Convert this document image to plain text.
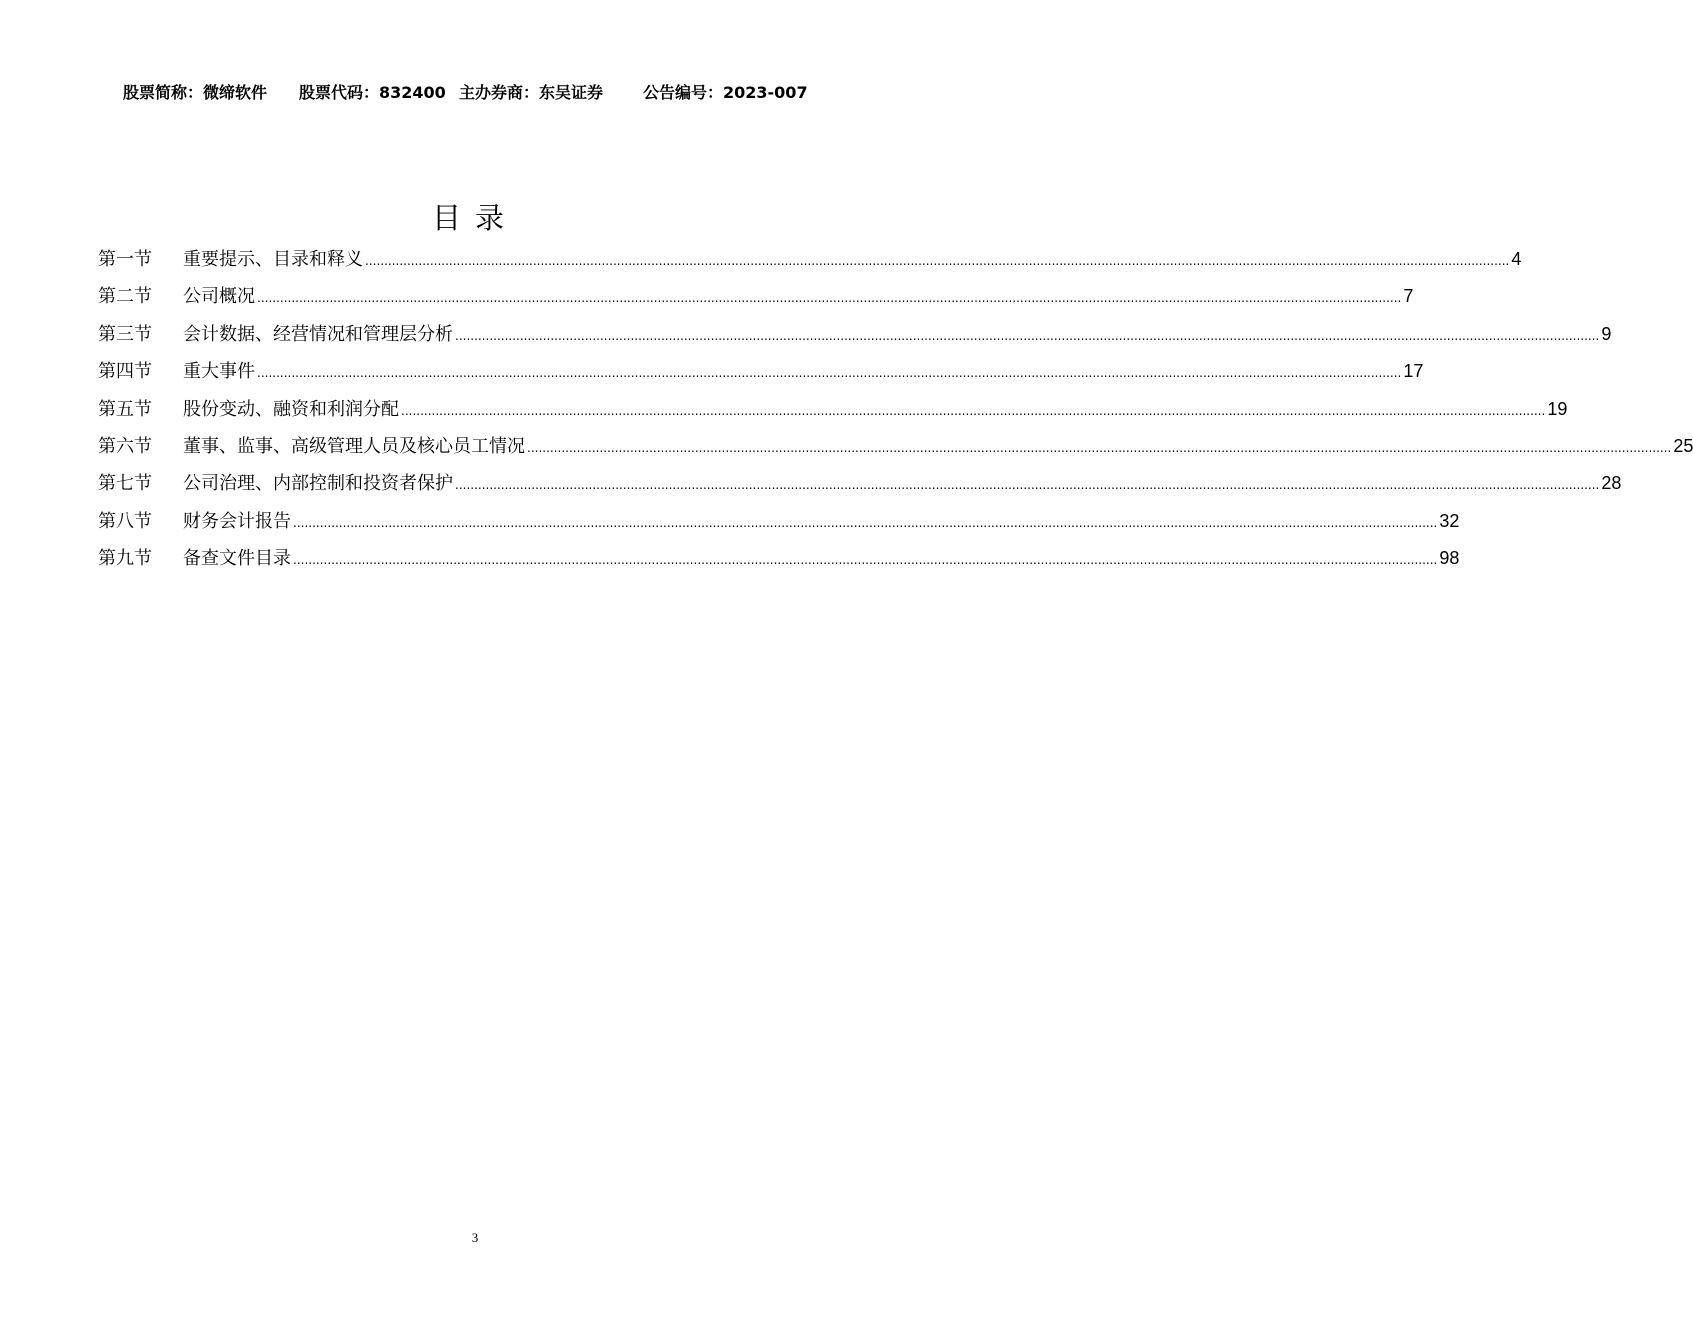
股票简称：微缔软件 股票代码：832400 主办券商：东吴证券 公告编号：2023-007
目录
第一节	重要提示、目录和释义 ............................................................................................................................................................................................................................................................................................................ 4
第二节	公司概况 ............................................................................................................................................................................................................................................................................................................ 7
第三节	会计数据、经营情况和管理层分析 ............................................................................................................................................................................................................................................................................................................ 9
第四节	重大事件 ............................................................................................................................................................................................................................................................................................................ 17
第五节	股份变动、融资和利润分配 ............................................................................................................................................................................................................................................................................................................ 19
第六节	董事、监事、高级管理人员及核心员工情况 ............................................................................................................................................................................................................................................................................................................ 25
第七节	公司治理、内部控制和投资者保护 ............................................................................................................................................................................................................................................................................................................ 28
第八节	财务会计报告 ............................................................................................................................................................................................................................................................................................................ 32
第九节	备查文件目录 ............................................................................................................................................................................................................................................................................................................ 98
3
